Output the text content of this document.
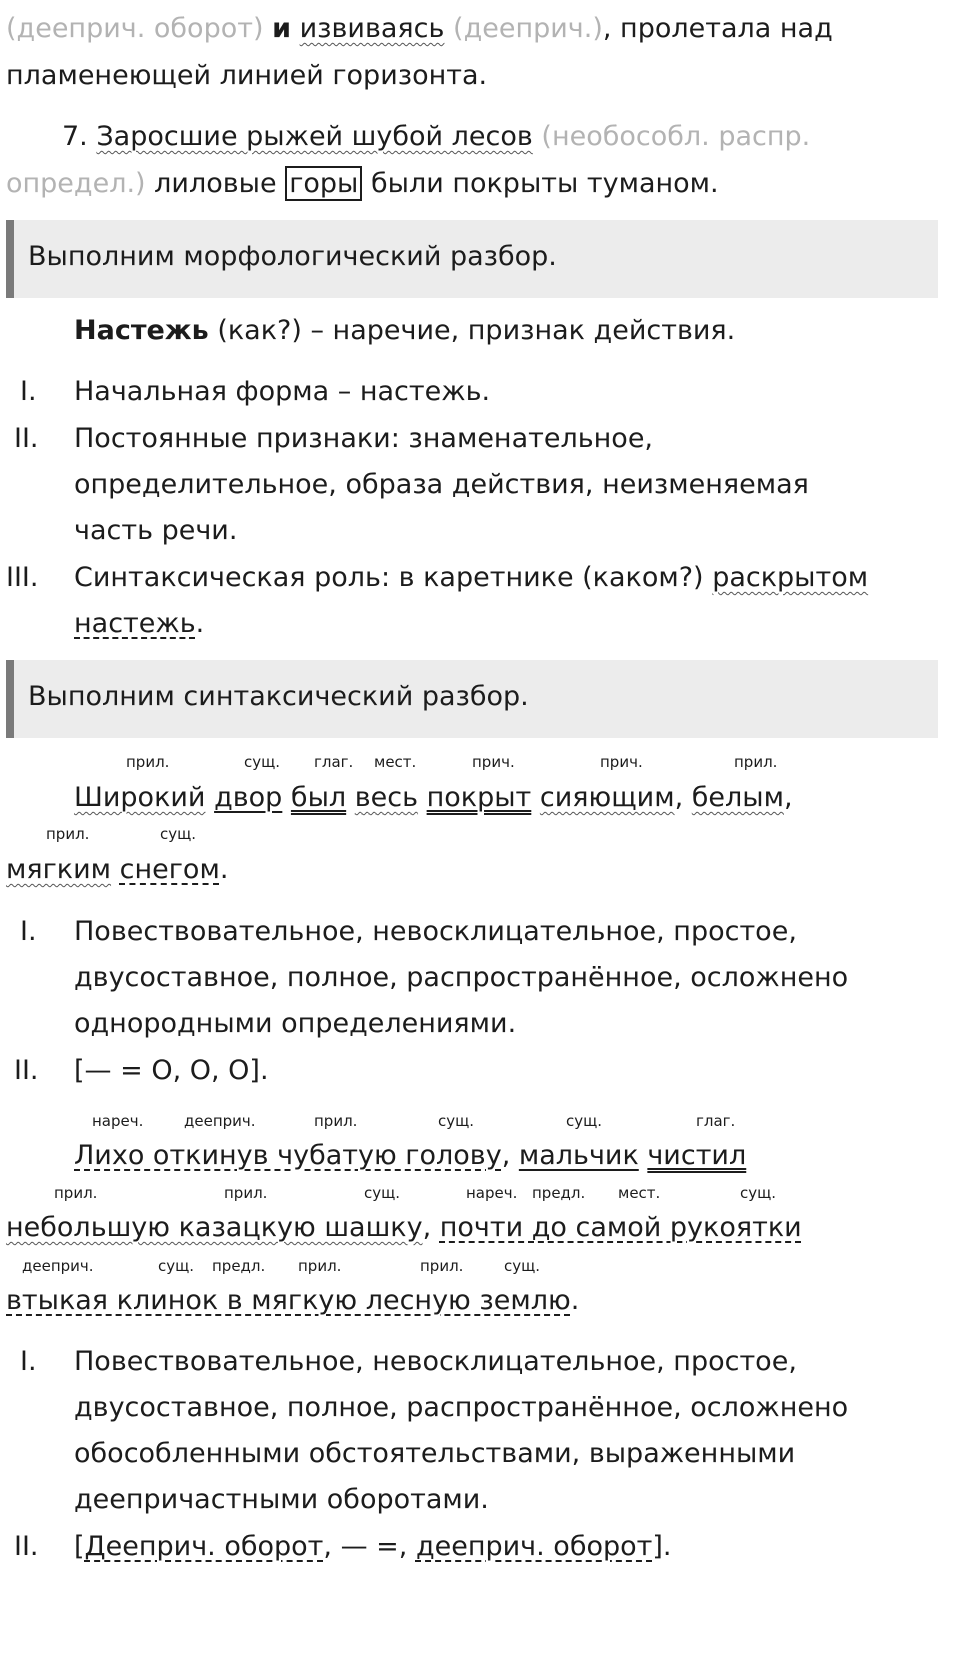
(дееприч. оборот) и извиваясь (дееприч.), пролетала над
пламенеющей линией горизонта.
7. Заросшие рыжей шубой лесов (необособл. распр.
определ.) лиловые горы были покрыты туманом.
Выполним морфологический разбор.
Настежь (как?) – наречие, признак действия.
I. Начальная форма – настежь.
II. Постоянные признаки: знаменательное,
определительное, образа действия, неизменяемая
часть речи.
III. Синтаксическая роль: в каретнике (каком?) раскрытом
настежь.
Выполним синтаксический разбор.
прил.	сущ. глаг. мест.	прич.	прич.	прил.
Широкий двор был весь покрыт сияющим, белым,
прил.	сущ.
мягким снегом.
I. Повествовательное, невосклицательное, простое,
двусоставное, полное, распространённое, осложнено
однородными определениями.
II. [— = О, О, О].
нареч.	дееприч.	прил.	сущ.	сущ.	глаг.
Лихо откинув чубатую голову, мальчик чистил
прил.	прил.	сущ.	нареч. предл. мест.	сущ.
небольшую казацкую шашку, почти до самой рукоятки
дееприч.	сущ. предл. прил.	прил.	сущ.
втыкая клинок в мягкую лесную землю.
I. Повествовательное, невосклицательное, простое,
двусоставное, полное, распространённое, осложнено
обособленными обстоятельствами, выраженными
деепричастными оборотами.
II. [Дееприч. оборот, — =, дееприч. оборот].
